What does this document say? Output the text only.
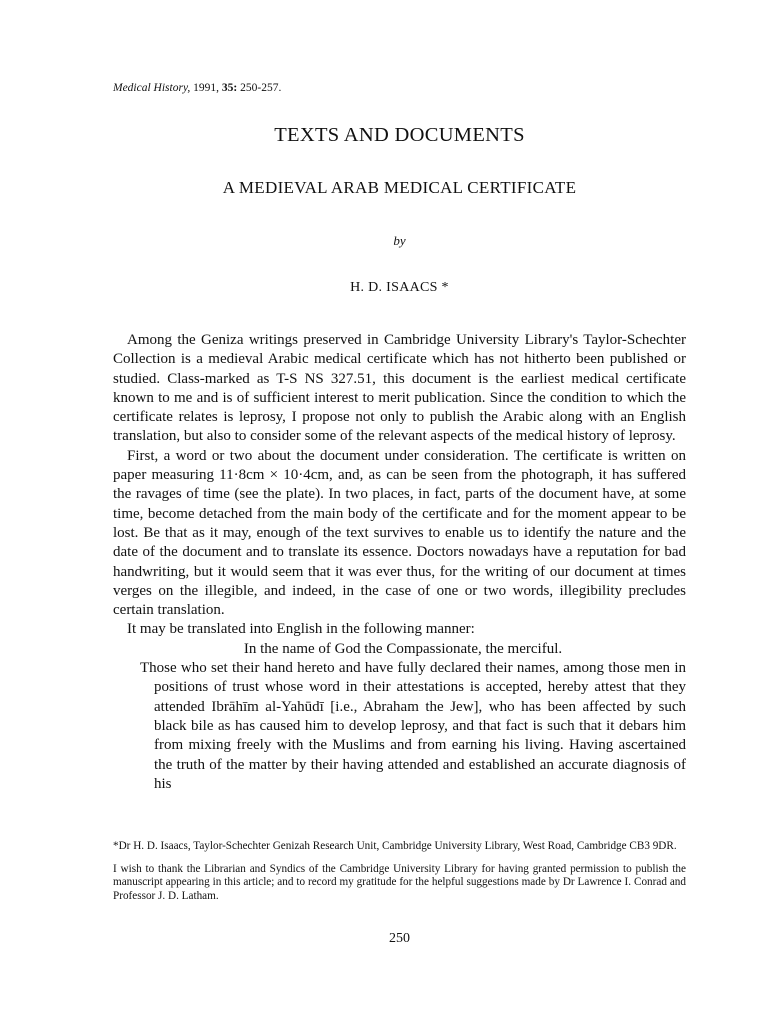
Medical History, 1991, 35: 250-257.
TEXTS AND DOCUMENTS
A MEDIEVAL ARAB MEDICAL CERTIFICATE
by
H. D. ISAACS *

Among the Geniza writings preserved in Cambridge University Library's Taylor-Schechter Collection is a medieval Arabic medical certificate which has not hitherto been published or studied. Class-marked as T-S NS 327.51, this document is the earliest medical certificate known to me and is of sufficient interest to merit publication. Since the condition to which the certificate relates is leprosy, I propose not only to publish the Arabic along with an English translation, but also to consider some of the relevant aspects of the medical history of leprosy.

First, a word or two about the document under consideration. The certificate is written on paper measuring 11·8cm × 10·4cm, and, as can be seen from the photograph, it has suffered the ravages of time (see the plate). In two places, in fact, parts of the document have, at some time, become detached from the main body of the certificate and for the moment appear to be lost. Be that as it may, enough of the text survives to enable us to identify the nature and the date of the document and to translate its essence. Doctors nowadays have a reputation for bad handwriting, but it would seem that it was ever thus, for the writing of our document at times verges on the illegible, and indeed, in the case of one or two words, illegibility precludes certain translation.

It may be translated into English in the following manner:

In the name of God the Compassionate, the merciful.

Those who set their hand hereto and have fully declared their names, among those men in positions of trust whose word in their attestations is accepted, hereby attest that they attended Ibrāhīm al-Yahūdī [i.e., Abraham the Jew], who has been affected by such black bile as has caused him to develop leprosy, and that fact is such that it debars him from mixing freely with the Muslims and from earning his living. Having ascertained the truth of the matter by their having attended and established an accurate diagnosis of his

*Dr H. D. Isaacs, Taylor-Schechter Genizah Research Unit, Cambridge University Library, West Road, Cambridge CB3 9DR.

I wish to thank the Librarian and Syndics of the Cambridge University Library for having granted permission to publish the manuscript appearing in this article; and to record my gratitude for the helpful suggestions made by Dr Lawrence I. Conrad and Professor J. D. Latham.

250
